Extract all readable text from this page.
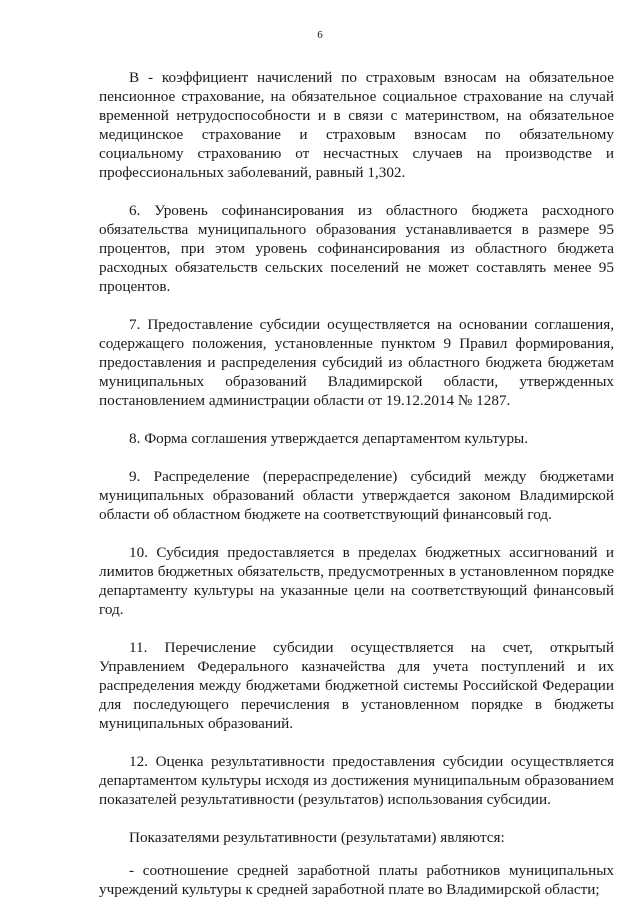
6

В - коэффициент начислений по страховым взносам на обязательное пенсионное страхование, на обязательное социальное страхование на случай временной нетрудоспособности и в связи с материнством, на обязательное медицинское страхование и страховым взносам по обязательному социальному страхованию от несчастных случаев на производстве и профессиональных заболеваний, равный 1,302.

6. Уровень софинансирования из областного бюджета расходного обязательства муниципального образования устанавливается в размере 95 процентов, при этом уровень софинансирования из областного бюджета расходных обязательств сельских поселений не может составлять менее 95 процентов.

7. Предоставление субсидии осуществляется на основании соглашения, содержащего положения, установленные пунктом 9 Правил формирования, предоставления и распределения субсидий из областного бюджета бюджетам муниципальных образований Владимирской области, утвержденных постановлением администрации области от 19.12.2014 № 1287.

8. Форма соглашения утверждается департаментом культуры.

9. Распределение (перераспределение) субсидий между бюджетами муниципальных образований области утверждается законом Владимирской области об областном бюджете на соответствующий финансовый год.

10. Субсидия предоставляется в пределах бюджетных ассигнований и лимитов бюджетных обязательств, предусмотренных в установленном порядке департаменту культуры на указанные цели на соответствующий финансовый год.

11. Перечисление субсидии осуществляется на счет, открытый Управлением Федерального казначейства для учета поступлений и их распределения между бюджетами бюджетной системы Российской Федерации для последующего перечисления в установленном порядке в бюджеты муниципальных образований.

12. Оценка результативности предоставления субсидии осуществляется департаментом культуры исходя из достижения муниципальным образованием показателей результативности (результатов) использования субсидии.

Показателями результативности (результатами) являются:

- соотношение средней заработной платы работников муниципальных учреждений культуры к средней заработной плате во Владимирской области;
